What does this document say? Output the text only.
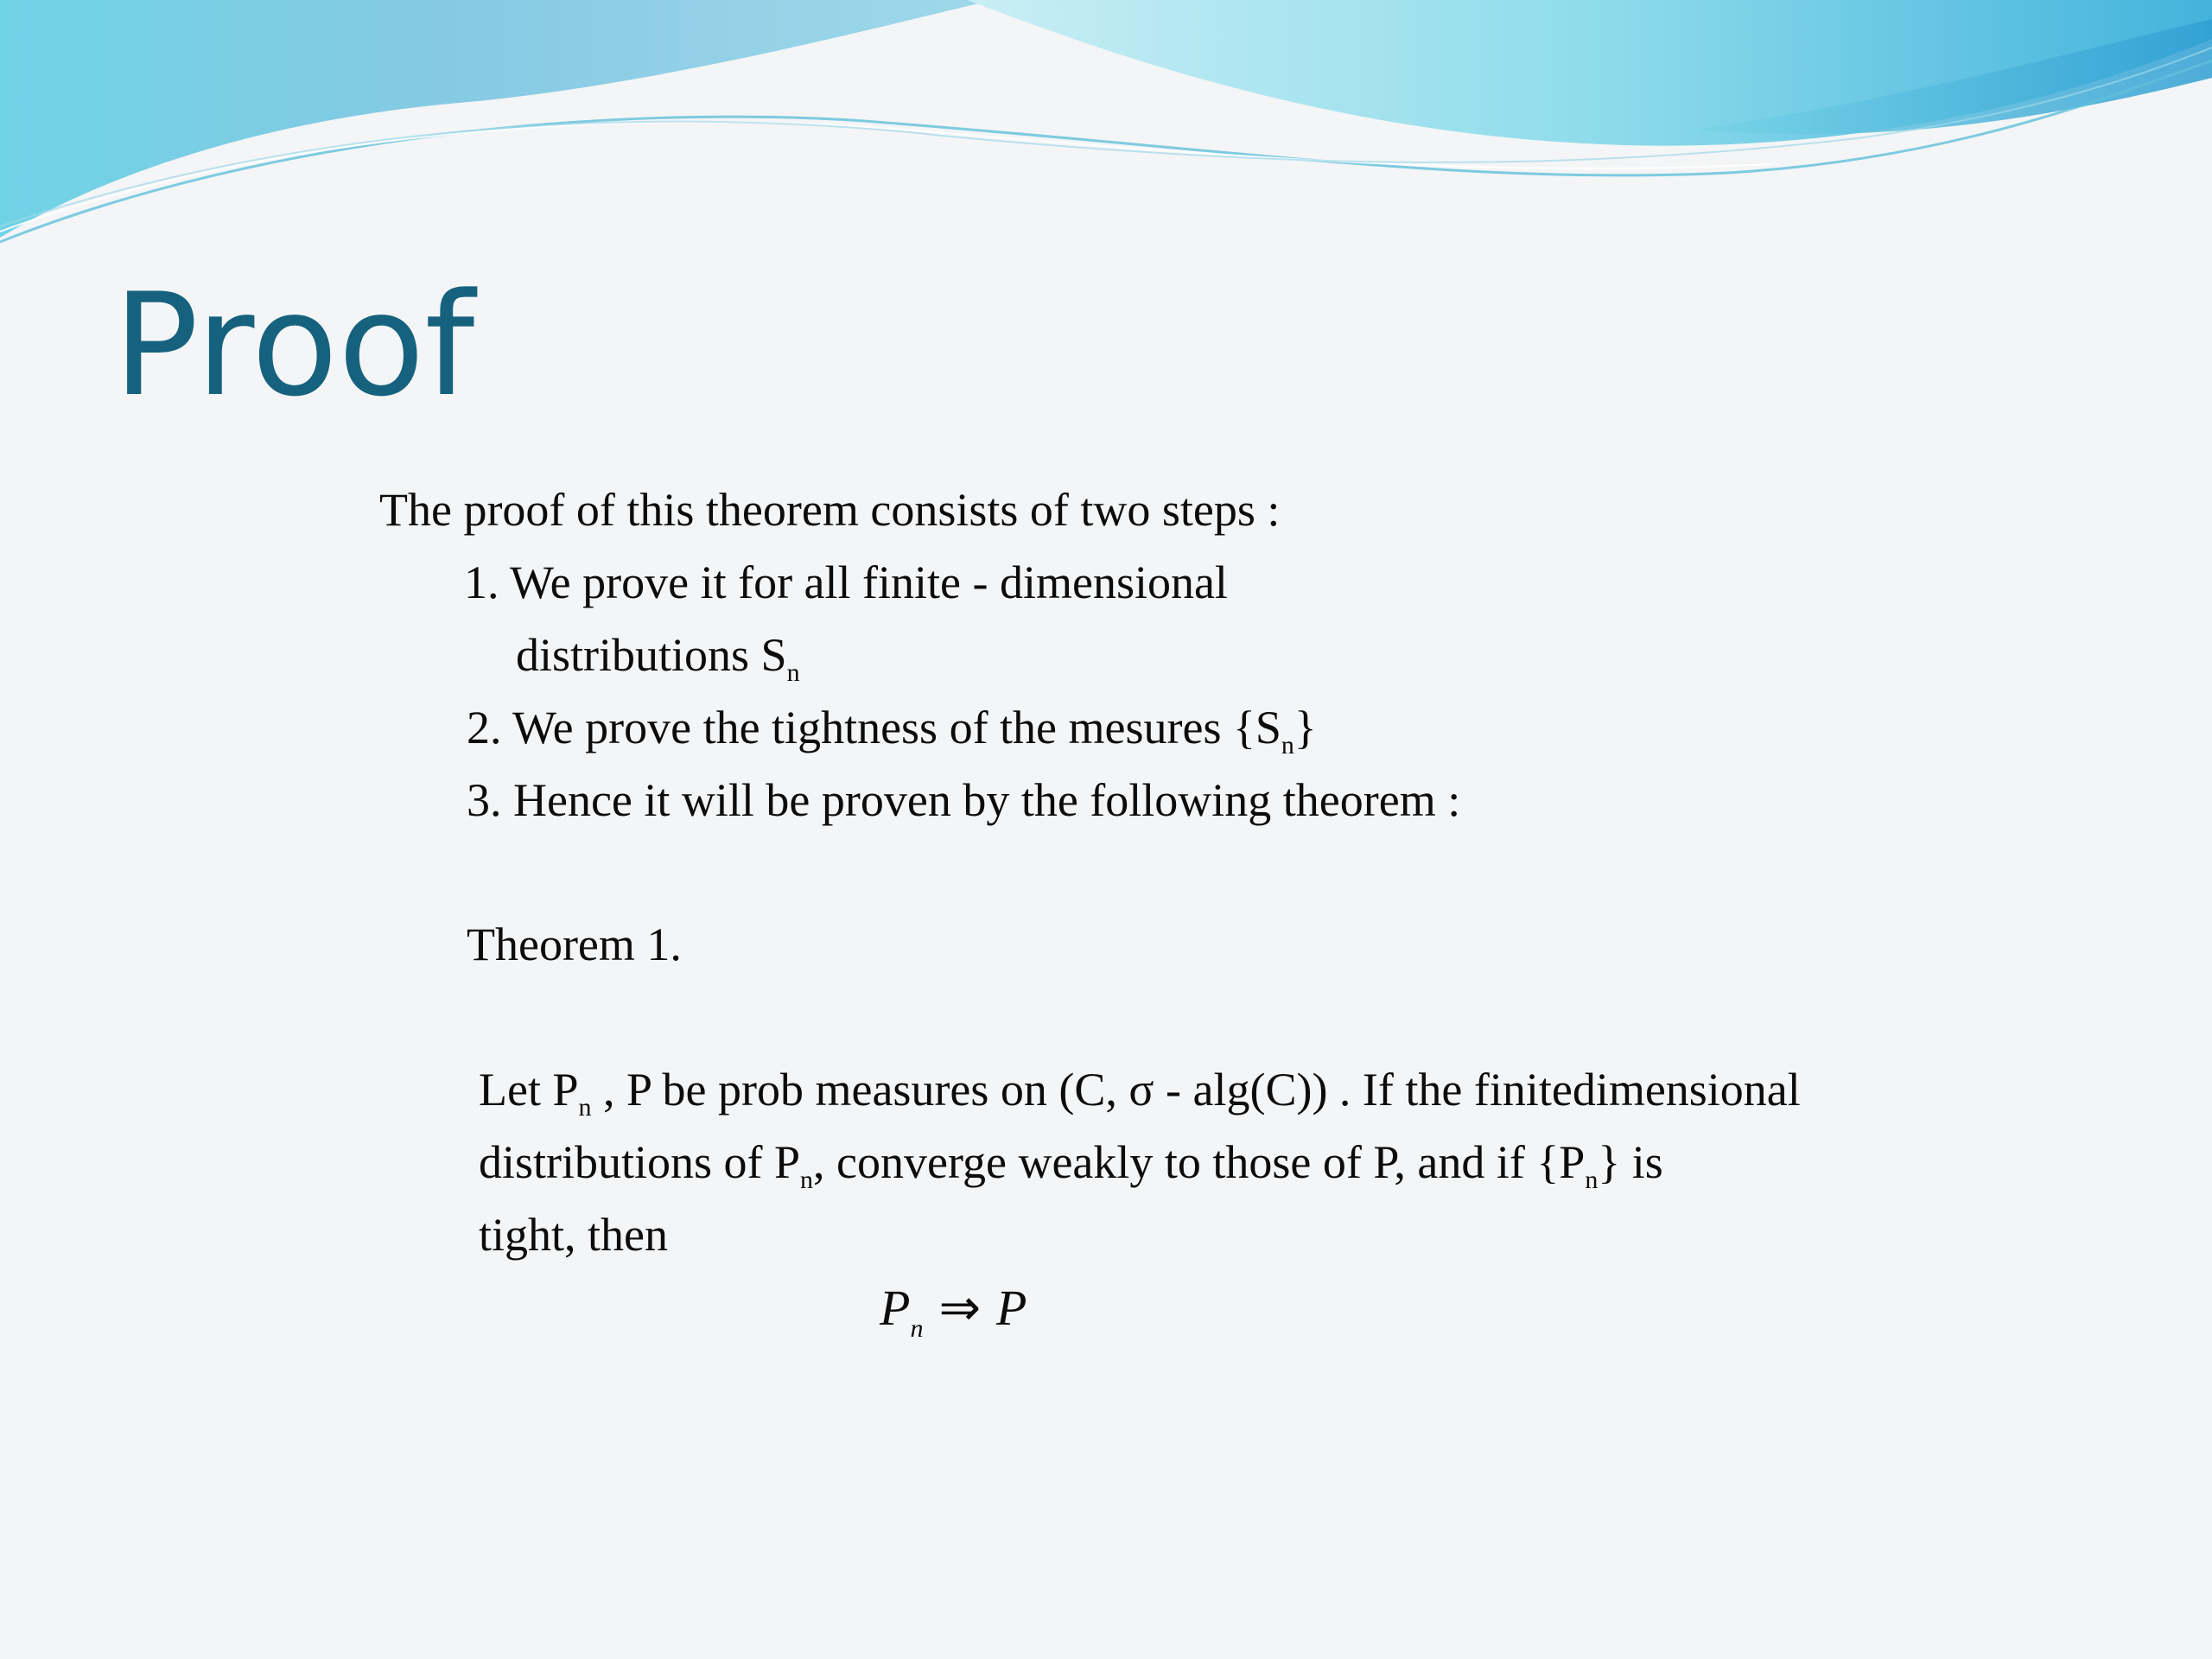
Proof

The proof of this theorem consists of two steps :

1. We prove it for all finite - dimensional

distributions $S_n$

2. We prove the tightness of the mesures $\{S_n\}$

3. Hence it will be proven by the following theorem :

Theorem 1.

Let $P_n$ , P be prob measures on (C, σ - alg(C)) . If the finitedimensional

distributions of $P_n$, converge weakly to those of P, and if $\{P_n\}$ is

tight, then

$P_n$ ⇒ P
